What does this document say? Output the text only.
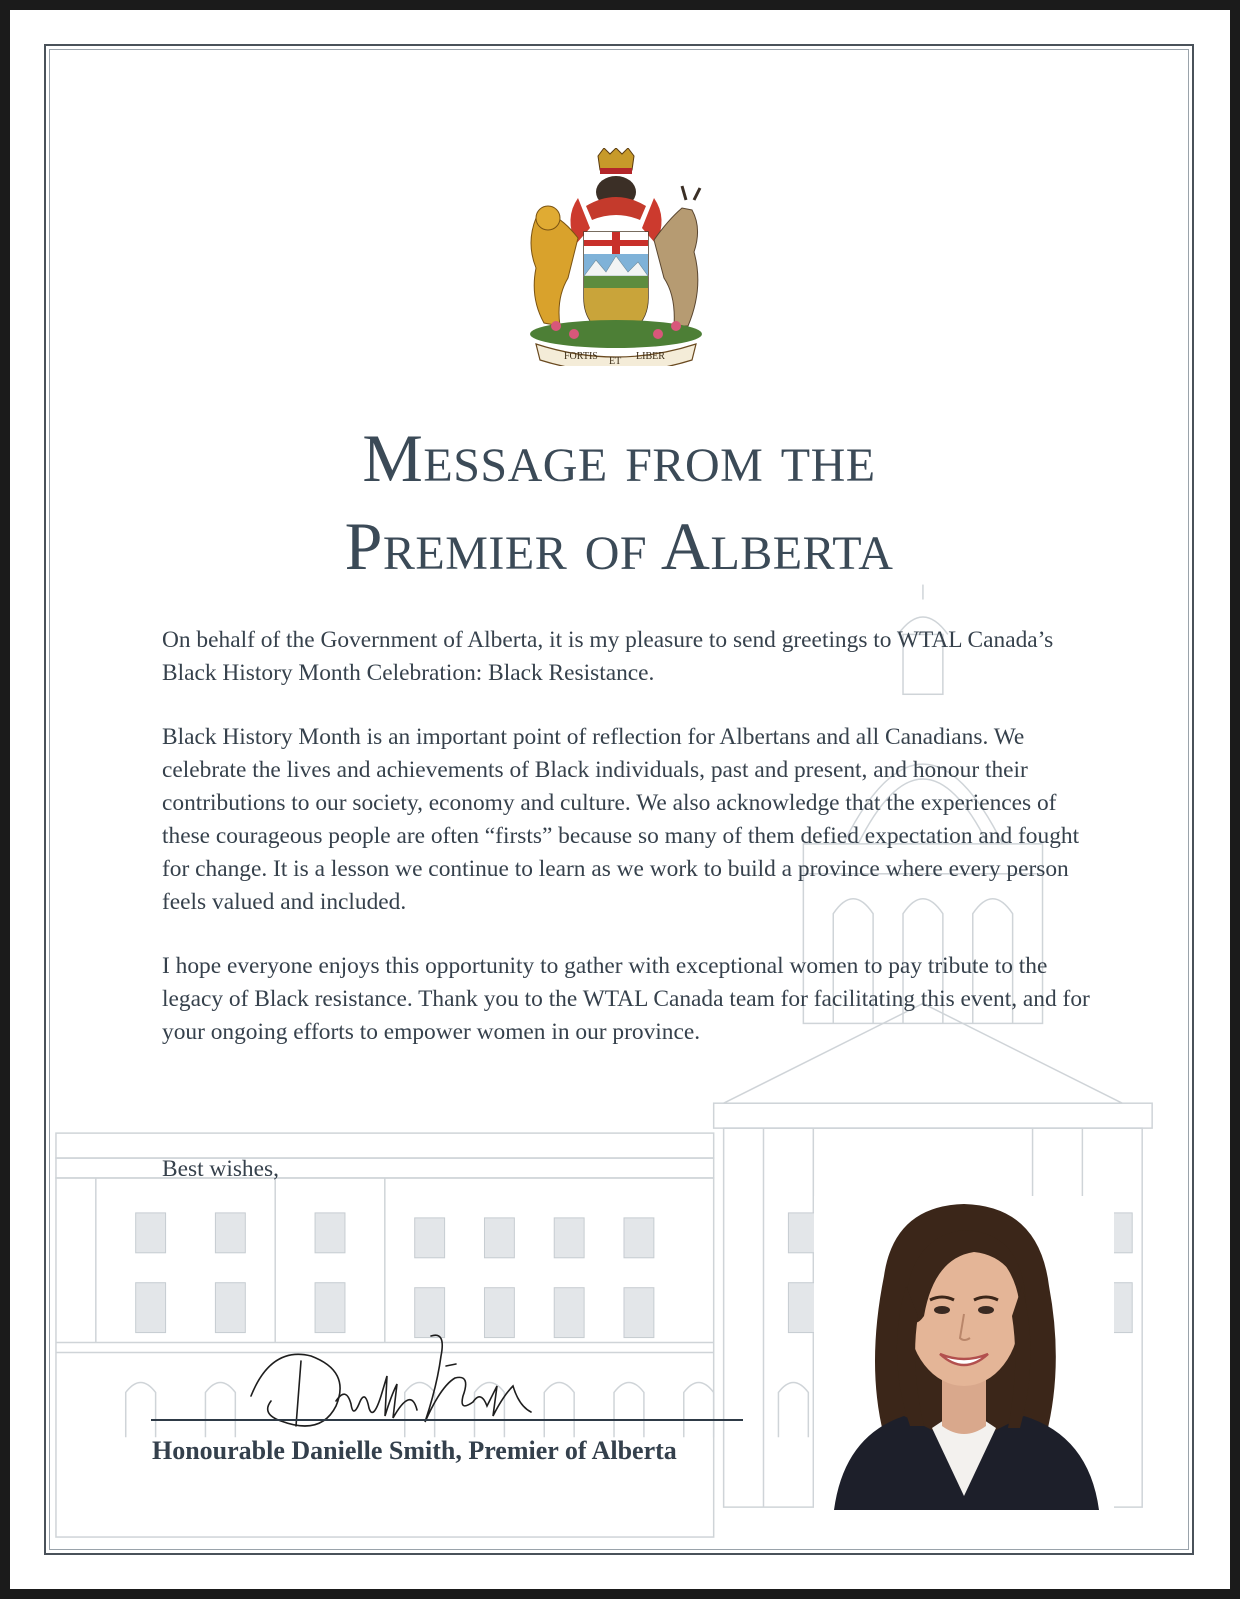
FORTIS ET LIBER
Message from the
Premier of Alberta

On behalf of the Government of Alberta, it is my pleasure to send greetings to WTAL Canada’s Black History Month Celebration: Black Resistance.

Black History Month is an important point of reflection for Albertans and all Canadians. We celebrate the lives and achievements of Black individuals, past and present, and honour their contributions to our society, economy and culture. We also acknowledge that the experiences of these courageous people are often “firsts” because so many of them defied expectation and fought for change. It is a lesson we continue to learn as we work to build a province where every person feels valued and included.

I hope everyone enjoys this opportunity to gather with exceptional women to pay tribute to the legacy of Black resistance. Thank you to the WTAL Canada team for facilitating this event, and for your ongoing efforts to empower women in our province.

Best wishes,
Honourable Danielle Smith, Premier of Alberta
